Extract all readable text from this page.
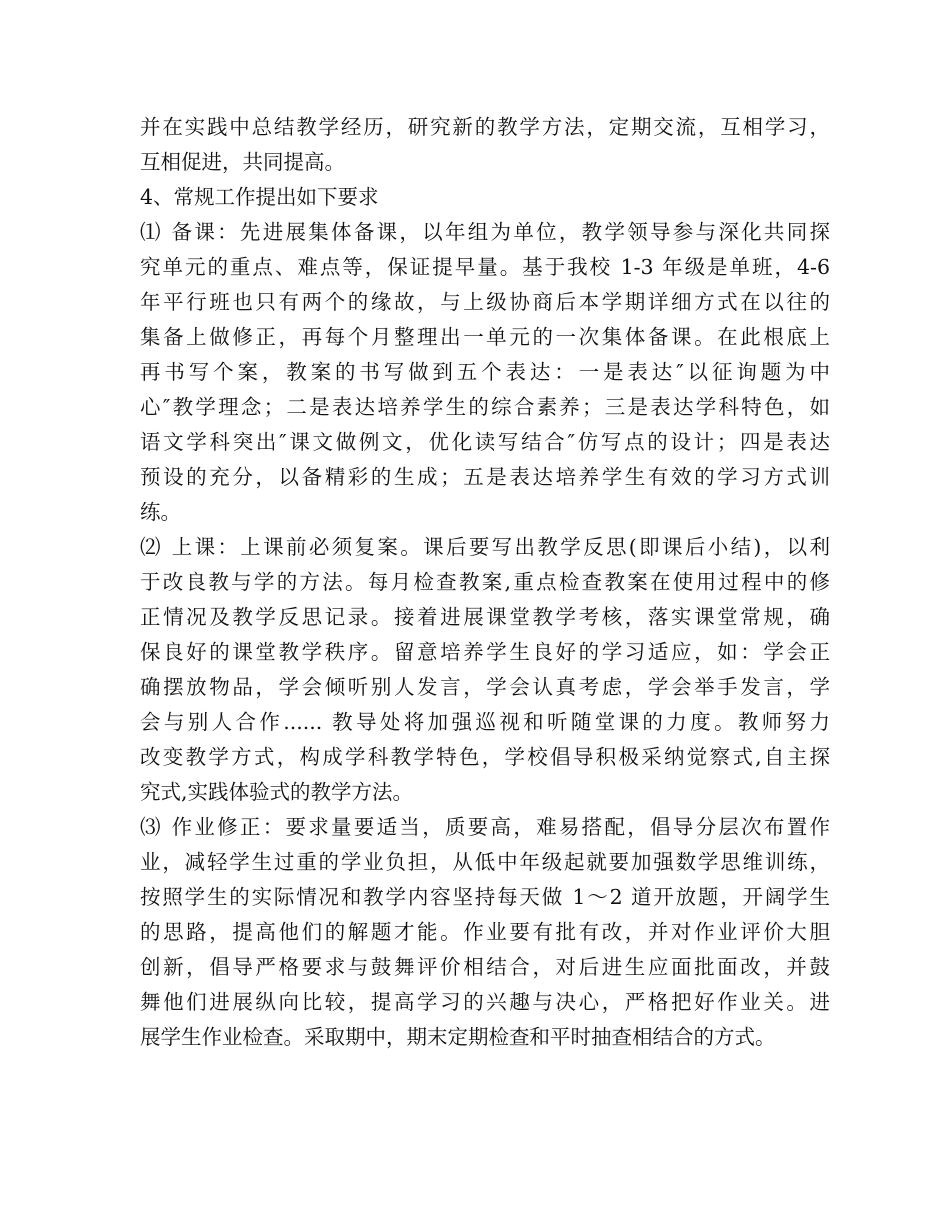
并在实践中总结教学经历，研究新的教学方法，定期交流，互相学习，
互相促进，共同提高。
4、常规工作提出如下要求
⑴ 备课：先进展集体备课，以年组为单位，教学领导参与深化共同探
究单元的重点、难点等，保证提早量。基于我校 1-3 年级是单班，4-6
年平行班也只有两个的缘故，与上级协商后本学期详细方式在以往的
集备上做修正，再每个月整理出一单元的一次集体备课。在此根底上
再书写个案，教案的书写做到五个表达：一是表达″以征询题为中
心″教学理念；二是表达培养学生的综合素养；三是表达学科特色，如
语文学科突出″课文做例文，优化读写结合″仿写点的设计；四是表达
预设的充分，以备精彩的生成；五是表达培养学生有效的学习方式训
练。
⑵ 上课：上课前必须复案。课后要写出教学反思(即课后小结)，以利
于改良教与学的方法。每月检查教案,重点检查教案在使用过程中的修
正情况及教学反思记录。接着进展课堂教学考核，落实课堂常规，确
保良好的课堂教学秩序。留意培养学生良好的学习适应，如：学会正
确摆放物品，学会倾听别人发言，学会认真考虑，学会举手发言，学
会与别人合作...... 教导处将加强巡视和听随堂课的力度。教师努力
改变教学方式，构成学科教学特色，学校倡导积极采纳觉察式,自主探
究式,实践体验式的教学方法。
⑶ 作业修正：要求量要适当，质要高，难易搭配，倡导分层次布置作
业，减轻学生过重的学业负担，从低中年级起就要加强数学思维训练，
按照学生的实际情况和教学内容坚持每天做 1～2 道开放题，开阔学生
的思路，提高他们的解题才能。作业要有批有改，并对作业评价大胆
创新，倡导严格要求与鼓舞评价相结合，对后进生应面批面改，并鼓
舞他们进展纵向比较，提高学习的兴趣与决心，严格把好作业关。进
展学生作业检查。采取期中，期末定期检查和平时抽查相结合的方式。
